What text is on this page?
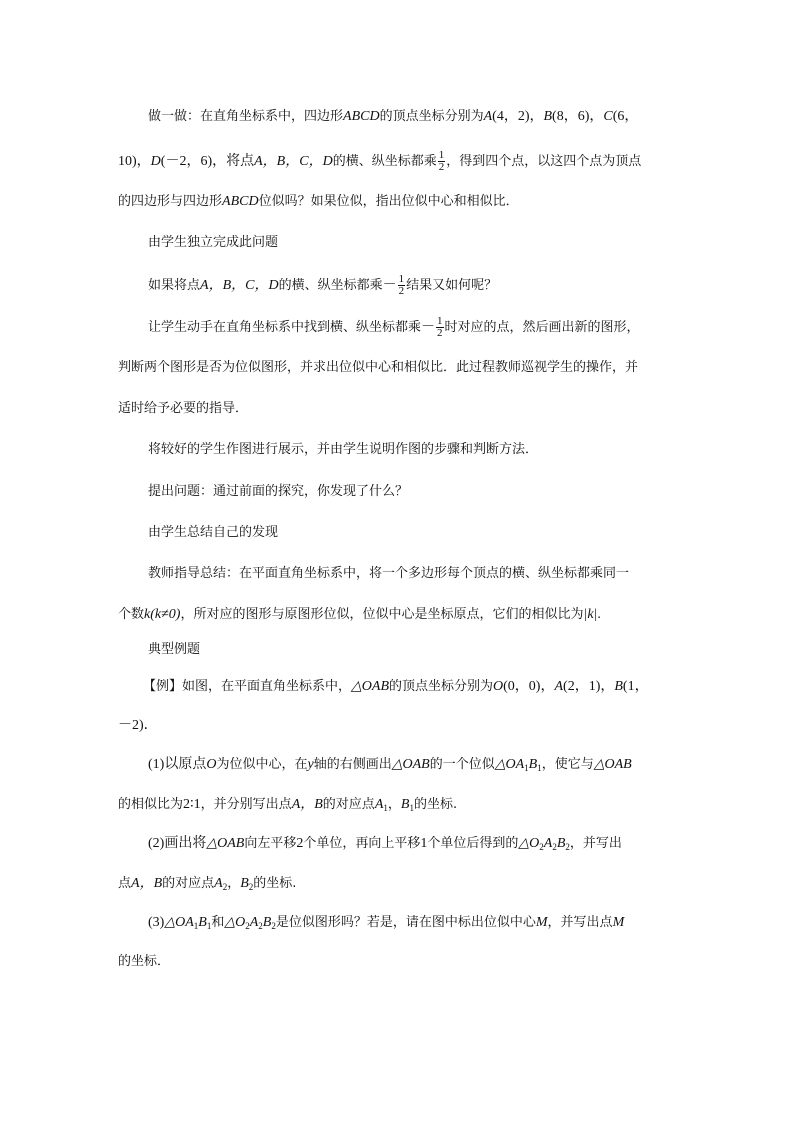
做一做：在直角坐标系中，四边形ABCD的顶点坐标分别为A(4，2)，B(8，6)，C(6，
10)，D(－2，6)，将点A，B，C，D的横、纵坐标都乘 $\frac{1}{2}$ ，得到四个点，以这四个点为顶点
的四边形与四边形ABCD位似吗？如果位似，指出位似中心和相似比．
由学生独立完成此问题
如果将点A，B，C，D的横、纵坐标都乘－ $\frac{1}{2}$ 结果又如何呢？
让学生动手在直角坐标系中找到横、纵坐标都乘－ $\frac{1}{2}$ 时对应的点，然后画出新的图形，
判断两个图形是否为位似图形，并求出位似中心和相似比．此过程教师巡视学生的操作，并
适时给予必要的指导．
将较好的学生作图进行展示，并由学生说明作图的步骤和判断方法．
提出问题：通过前面的探究，你发现了什么？
由学生总结自己的发现
教师指导总结：在平面直角坐标系中，将一个多边形每个顶点的横、纵坐标都乘同一
个数k(k≠0)，所对应的图形与原图形位似，位似中心是坐标原点，它们的相似比为|k|.
典型例题
【例】如图，在平面直角坐标系中，△OAB的顶点坐标分别为O(0，0)，A(2，1)，B(1，
－2)．
(1)以原点O为位似中心，在y轴的右侧画出△OAB的一个位似$\triangle OA_1B_1$，使它与△OAB
的相似比为2∶1，并分别写出点A，B的对应点$A_1$，$B_1$的坐标.
(2)画出将△OAB向左平移2个单位，再向上平移1个单位后得到的$\triangle O_2A_2B_2$，并写出
点A，B的对应点$A_2$，$B_2$的坐标.
$(3)\triangle OA_1B_1$和$\triangle O_2A_2B_2$是位似图形吗？若是，请在图中标出位似中心M，并写出点M
的坐标．
